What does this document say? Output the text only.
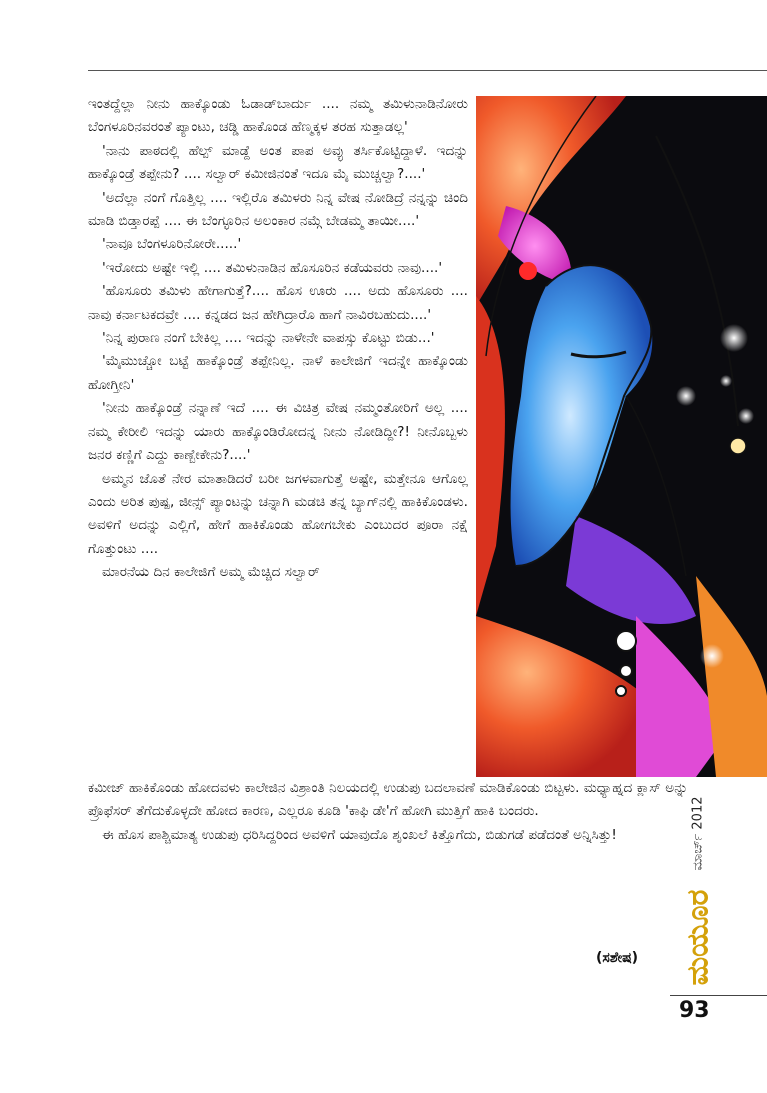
ಇಂತದ್ದೆಲ್ಲಾ ನೀನು ಹಾಕ್ಕೊಂಡು ಓಡಾಡ್‌ಬಾರ್ದು .... ನಮ್ಮ ತಮಿಳುನಾಡಿನೋರು ಬೆಂಗಳೂರಿನವರಂತೆ ಪ್ಯಾಂಟು, ಚಡ್ಡಿ ಹಾಕೊಂಡ ಹೆಣ್ಮಕ್ಕಳ ತರಹ ಸುತ್ತಾಡಲ್ಲ'

'ನಾನು ಪಾಠದಲ್ಲಿ ಹೆಲ್ಪ್ ಮಾಡ್ದೆ ಅಂತ ಪಾಪ ಅವ್ಳು ತರ್ಸಿಕೊಟ್ಟಿದ್ದಾಳೆ. ಇದನ್ನು ಹಾಕ್ಕೊಂಡ್ರೆ ತಪ್ಪೇನು? .... ಸಲ್ವಾರ್ ಕಮೀಜಿನಂತೆ ಇದೂ ಮೈ ಮುಚ್ಚಲ್ವಾ?....'

'ಅದೆಲ್ಲಾ ನಂಗೆ ಗೊತ್ತಿಲ್ಲ .... ಇಲ್ಲಿರೊ ತಮಿಳರು ನಿನ್ನ ವೇಷ ನೋಡಿದ್ರೆ ನನ್ನನ್ನು ಚಿಂದಿ ಮಾಡಿ ಬಿಡ್ತಾರಪ್ಪೆ .... ಈ ಬೆಂಗ್ಳೂರಿನ ಅಲಂಕಾರ ನಮ್ಗೆ ಬೇಡಮ್ಮ ತಾಯೀ....'

'ನಾವೂ ಬೆಂಗಳೂರಿನೋರೇ.....'

'ಇರೋದು ಅಷ್ಟೇ ಇಲ್ಲಿ .... ತಮಿಳುನಾಡಿನ ಹೊಸೂರಿನ ಕಡೆಯವರು ನಾವು....'

'ಹೊಸೂರು ತಮಿಳು ಹೇಗಾಗುತ್ತೆ?.... ಹೊಸ ಊರು .... ಅದು ಹೊಸೂರು .... ನಾವು ಕರ್ನಾಟಕದವ್ರೇ .... ಕನ್ನಡದ ಜನ ಹೇಗಿದ್ರಾರೊ ಹಾಗೆ ನಾವಿರಬಹುದು....'

'ನಿನ್ನ ಪುರಾಣ ನಂಗೆ ಬೇಕಿಲ್ಲ .... ಇದನ್ನು ನಾಳೇನೇ ವಾಪಸ್ಸು ಕೊಟ್ಟು ಬಿಡು...'

'ಮೈಮುಚ್ಚೋ ಬಟ್ಟೆ ಹಾಕ್ಕೊಂಡ್ರೆ ತಪ್ಪೇನಿಲ್ಲ. ನಾಳೆ ಕಾಲೇಜಿಗೆ ಇದನ್ನೇ ಹಾಕ್ಕೊಂಡು ಹೋಗ್ತೀನಿ'

'ನೀನು ಹಾಕ್ಕೊಂಡ್ರೆ ನನ್ನಾಣೆ ಇದೆ .... ಈ ವಿಚಿತ್ರ ವೇಷ ನಮ್ಮಂತೋರಿಗೆ ಅಲ್ಲ .... ನಮ್ಮ ಕೇರೀಲಿ ಇದನ್ನು ಯಾರು ಹಾಕ್ಕೊಂಡಿರೋದನ್ನ ನೀನು ನೋಡಿದ್ದೀ?! ನೀನೊಬ್ಬಳು ಜನರ ಕಣ್ಣಿಗೆ ಎದ್ದು ಕಾಣ್ಬೇಕೇನು?....'

ಅಮ್ಮನ ಜೊತೆ ನೇರ ಮಾತಾಡಿದರೆ ಬರೀ ಜಗಳವಾಗುತ್ತೆ ಅಷ್ಟೇ, ಮತ್ತೇನೂ ಆಗೊಲ್ಲ ಎಂದು ಅರಿತ ಪುಷ್ಪ, ಜೀನ್ಸ್ ಪ್ಯಾಂಟನ್ನು ಚನ್ನಾಗಿ ಮಡಚಿ ತನ್ನ ಬ್ಯಾಗ್‌ನಲ್ಲಿ ಹಾಕಿಕೊಂಡಳು. ಅವಳಿಗೆ ಅದನ್ನು ಎಲ್ಲಿಗೆ, ಹೇಗೆ ಹಾಕಿಕೊಂಡು ಹೋಗಬೇಕು ಎಂಬುದರ ಪೂರಾ ನಕ್ಷೆ ಗೊತ್ತುಂಟು ....

ಮಾರನೆಯ ದಿನ ಕಾಲೇಜಿಗೆ ಅಮ್ಮ ಮೆಚ್ಚಿದ ಸಲ್ವಾರ್

ಕಮೀಜ್ ಹಾಕಿಕೊಂಡು ಹೋದವಳು ಕಾಲೇಜಿನ ವಿಶ್ರಾಂತಿ ನಿಲಯದಲ್ಲಿ ಉಡುಪು ಬದಲಾವಣೆ ಮಾಡಿಕೊಂಡು ಬಿಟ್ಟಳು. ಮಧ್ಯಾಹ್ನದ ಕ್ಲಾಸ್ ಅನ್ನು ಪ್ರೊಫೆಸರ್ ತೆಗೆದುಕೊಳ್ಳದೇ ಹೋದ ಕಾರಣ, ಎಲ್ಲರೂ ಕೂಡಿ 'ಕಾಫಿ ಡೇ'ಗೆ ಹೋಗಿ ಮುತ್ತಿಗೆ ಹಾಕಿ ಬಂದರು.

ಈ ಹೊಸ ಪಾಶ್ಚಿಮಾತ್ಯ ಉಡುಪು ಧರಿಸಿದ್ದರಿಂದ ಅವಳಿಗೆ ಯಾವುದೊ ಶೃಂಖಲೆ ಕಿತ್ತೊಗೆದು, ಬಿಡುಗಡೆ ಪಡೆದಂತೆ ಅನ್ನಿಸಿತ್ತು!

(ಸಶೇಷ)
ಮಾರ್ಚ್ 2012
ಮಯೂರ
93
